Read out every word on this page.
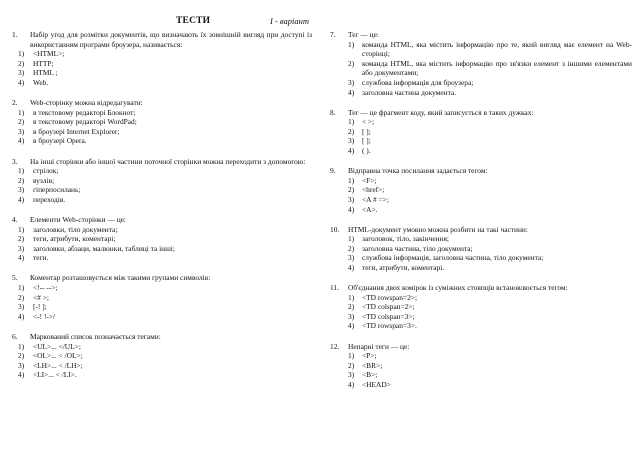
ТЕСТИ	I - варіант
1.	Набір угод для розмітки документів, що визначають їх зовнішній вигляд при доступі із використанням програми броузера, називається:
1)	<HTML>;
2)	HTTP;
3)	HTML ;
4)	Web.
2.	Web-сторінку можна відредагувати:
1)	в текстовому редакторі Блокнот;
2)	в текстовому редакторі WordPad;
3)	в броузері Internet Explorer;
4)	в броузері Opera.
3.	На інші сторінки або іншої частини поточної сторінки можна переходити з допомогою:
1)	стрілок;
2)	вузлів;
3)	гіперпосилань;
4)	переходів.
4.	Елементи Web-сторінки — це:
1)	заголовки, тіло документа;
2)	теги, атрибути, коментарі;
3)	заголовки, абзаци, малюнки, таблиці та інші;
4)	теги.
5.	Коментар розташовується між такими групами символів:
1)	<!-- -->;
2)	<# >;
3)	[-! ];
4)	<-! !->/
6.	Маркований список позначається тегами:
1)	<UL>... </UL>;
2)	<OL>... < /OL>;
3)	<LH>... < /LH>;
4)	<LI>... < /LI>.
7.	Тег — це:
1)	команда HTML, яка містить інформацію про те, який вигляд має елемент на Web-сторінці;
2)	команда HTML, яка містить інформацію про зв'язки елемент з іншими елементами або документами;
3)	службова інформація для броузера;
4)	заголовна частина документа.
8.	Тег — це фрагмент коду, який записується в таких дужках:
1)	< >;
2)	[ ];
3)	[ ];
4)	( ).
9.	Відправна точка посилання задається тегом:
1)	<F>;
2)	<href>;
3)	<A # =>;
4)	<A>.
10.	HTML-документ умовно можна розбити на такі частини:
1)	заголовок, тіло, закінчення;
2)	заголовна частина, тіло документа;
3)	службова інформація, заголовна частина, тіло документа;
4)	теги, атрибути, коментарі.
11.	Об'єднання двох комірок із суміжних стовпців встановлюється тегом:
1)	<TD rowspan=2>;
2)	<TD colspan=2>;
3)	<TD colspan=3>;
4)	<TD rowspan=3>.
12.	Непарні теги — це:
1)	<P>;
2)	<BR>;
3)	<B>;
4)	<HEAD>
